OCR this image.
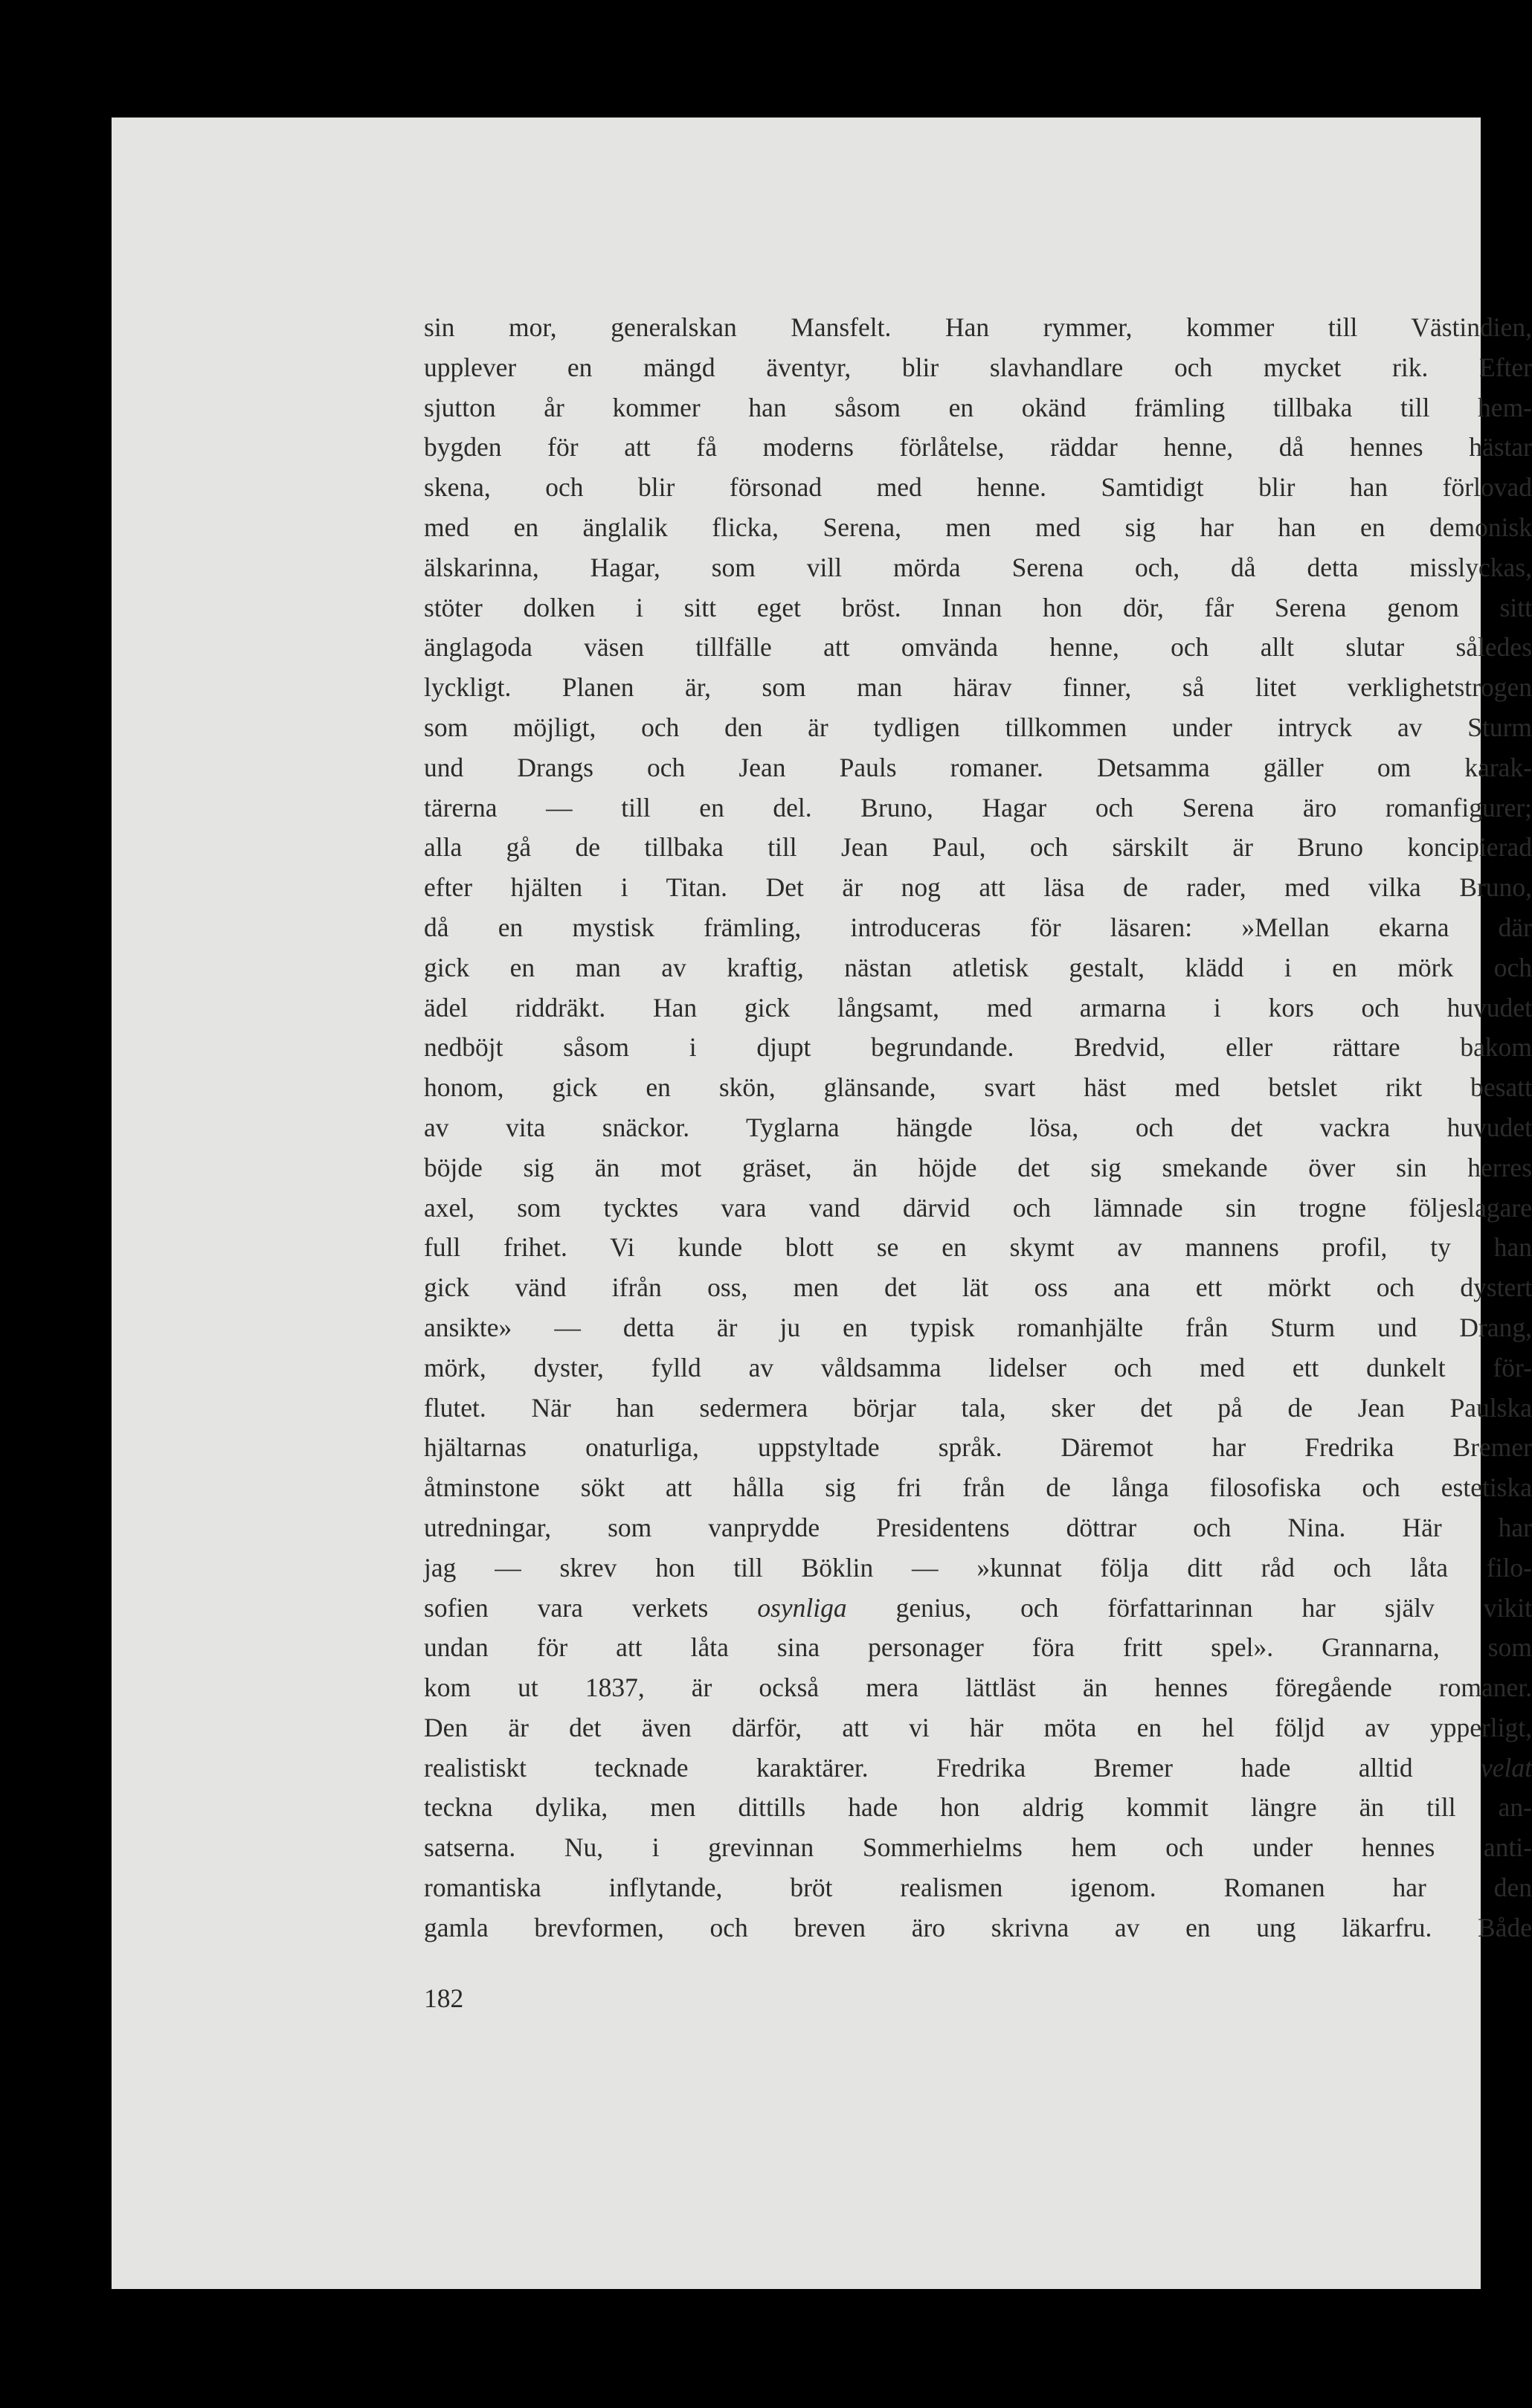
sin mor, generalskan Mansfelt. Han rymmer, kommer till Västindien,
upplever en mängd äventyr, blir slavhandlare och mycket rik. Efter
sjutton år kommer han såsom en okänd främling tillbaka till hem-
bygden för att få moderns förlåtelse, räddar henne, då hennes hästar
skena, och blir försonad med henne. Samtidigt blir han förlovad
med en änglalik flicka, Serena, men med sig har han en demonisk
älskarinna, Hagar, som vill mörda Serena och, då detta misslyckas,
stöter dolken i sitt eget bröst. Innan hon dör, får Serena genom sitt
änglagoda väsen tillfälle att omvända henne, och allt slutar således
lyckligt. Planen är, som man härav finner, så litet verklighetstrogen
som möjligt, och den är tydligen tillkommen under intryck av Sturm
und Drangs och Jean Pauls romaner. Detsamma gäller om karak-
tärerna — till en del. Bruno, Hagar och Serena äro romanfigurer;
alla gå de tillbaka till Jean Paul, och särskilt är Bruno koncipierad
efter hjälten i Titan. Det är nog att läsa de rader, med vilka Bruno,
då en mystisk främling, introduceras för läsaren: »Mellan ekarna där
gick en man av kraftig, nästan atletisk gestalt, klädd i en mörk och
ädel riddräkt. Han gick långsamt, med armarna i kors och huvudet
nedböjt såsom i djupt begrundande. Bredvid, eller rättare bakom
honom, gick en skön, glänsande, svart häst med betslet rikt besatt
av vita snäckor. Tyglarna hängde lösa, och det vackra huvudet
böjde sig än mot gräset, än höjde det sig smekande över sin herres
axel, som tycktes vara vand därvid och lämnade sin trogne följeslagare
full frihet. Vi kunde blott se en skymt av mannens profil, ty han
gick vänd ifrån oss, men det lät oss ana ett mörkt och dystert
ansikte» — detta är ju en typisk romanhjälte från Sturm und Drang,
mörk, dyster, fylld av våldsamma lidelser och med ett dunkelt för-
flutet. När han sedermera börjar tala, sker det på de Jean Paulska
hjältarnas onaturliga, uppstyltade språk. Däremot har Fredrika Bremer
åtminstone sökt att hålla sig fri från de långa filosofiska och estetiska
utredningar, som vanprydde Presidentens döttrar och Nina. Här har
jag — skrev hon till Böklin — »kunnat följa ditt råd och låta filo-
sofien vara verkets osynliga genius, och författarinnan har själv vikit
undan för att låta sina personager föra fritt spel». Grannarna, som
kom ut 1837, är också mera lättläst än hennes föregående romaner.
Den är det även därför, att vi här möta en hel följd av ypperligt,
realistiskt tecknade karaktärer. Fredrika Bremer hade alltid velat
teckna dylika, men dittills hade hon aldrig kommit längre än till an-
satserna. Nu, i grevinnan Sommerhielms hem och under hennes anti-
romantiska inflytande, bröt realismen igenom. Romanen har den
gamla brevformen, och breven äro skrivna av en ung läkarfru. Både
182
